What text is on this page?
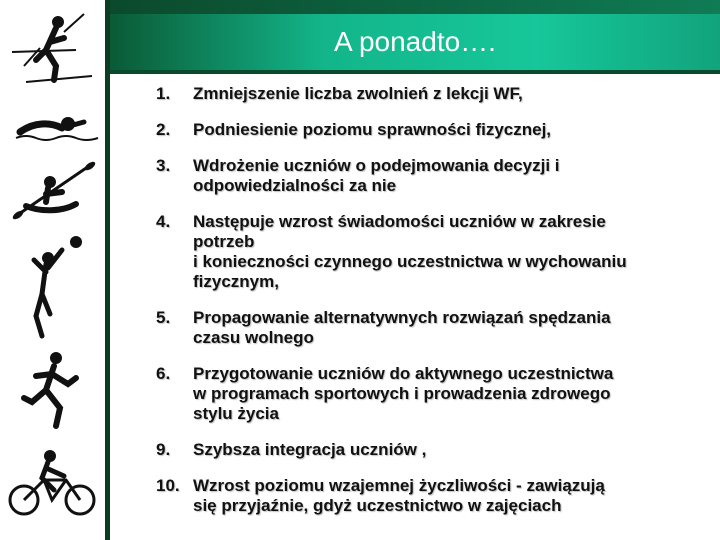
A ponadto….
1. Zmniejszenie liczba zwolnień z lekcji WF,
2. Podniesienie poziomu sprawności fizycznej,
3. Wdrożenie uczniów o podejmowania decyzji i
odpowiedzialności za nie
4. Następuje wzrost świadomości uczniów w zakresie
potrzeb
i konieczności czynnego uczestnictwa w wychowaniu
fizycznym,
5. Propagowanie alternatywnych rozwiązań spędzania
czasu wolnego
6. Przygotowanie uczniów do aktywnego uczestnictwa
w programach sportowych i prowadzenia zdrowego
stylu życia
9. Szybsza integracja uczniów ,
10. Wzrost poziomu wzajemnej życzliwości - zawiązują
się przyjaźnie, gdyż uczestnictwo w zajęciach
